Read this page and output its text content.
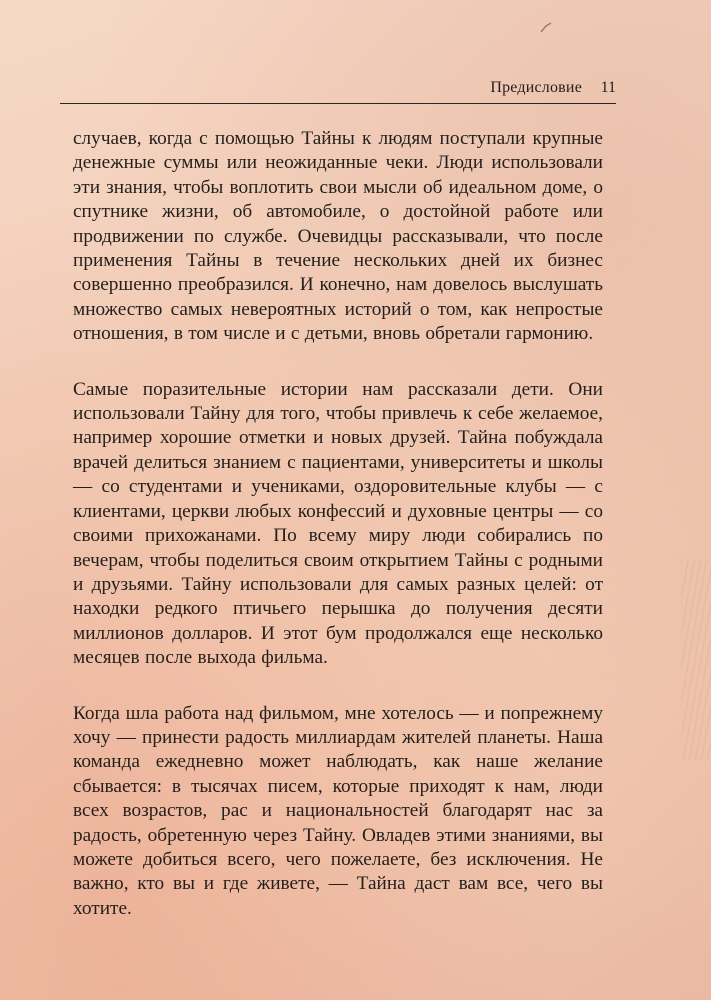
Предисловие 11

случаев, когда с помощью Тайны к людям поступали крупные денежные суммы или неожиданные чеки. Люди использовали эти знания, чтобы воплотить свои мысли об идеальном доме, о спутнике жизни, об автомобиле, о достойной работе или продвижении по службе. Очевидцы рассказывали, что после применения Тайны в течение нескольких дней их бизнес совершенно преобразился. И конечно, нам довелось выслушать множество самых невероятных историй о том, как непростые отношения, в том числе и с детьми, вновь обретали гармонию.

Самые поразительные истории нам рассказали дети. Они использовали Тайну для того, чтобы привлечь к себе желаемое, например хорошие отметки и новых друзей. Тайна побуждала врачей делиться знанием с пациентами, университеты и школы — со студентами и учениками, оздоровительные клубы — с клиентами, церкви любых конфессий и духовные центры — со своими прихожанами. По всему миру люди собирались по вечерам, чтобы поделиться своим открытием Тайны с родными и друзьями. Тайну использовали для самых разных целей: от находки редкого птичьего перышка до получения десяти миллионов долларов. И этот бум продолжался еще несколько месяцев после выхода фильма.

Когда шла работа над фильмом, мне хотелось — и попрежнему хочу — принести радость миллиардам жителей планеты. Наша команда ежедневно может наблюдать, как наше желание сбывается: в тысячах писем, которые приходят к нам, люди всех возрастов, рас и национальностей благодарят нас за радость, обретенную через Тайну. Овладев этими знаниями, вы можете добиться всего, чего пожелаете, без исключения. Не важно, кто вы и где живете, — Тайна даст вам все, чего вы хотите.
